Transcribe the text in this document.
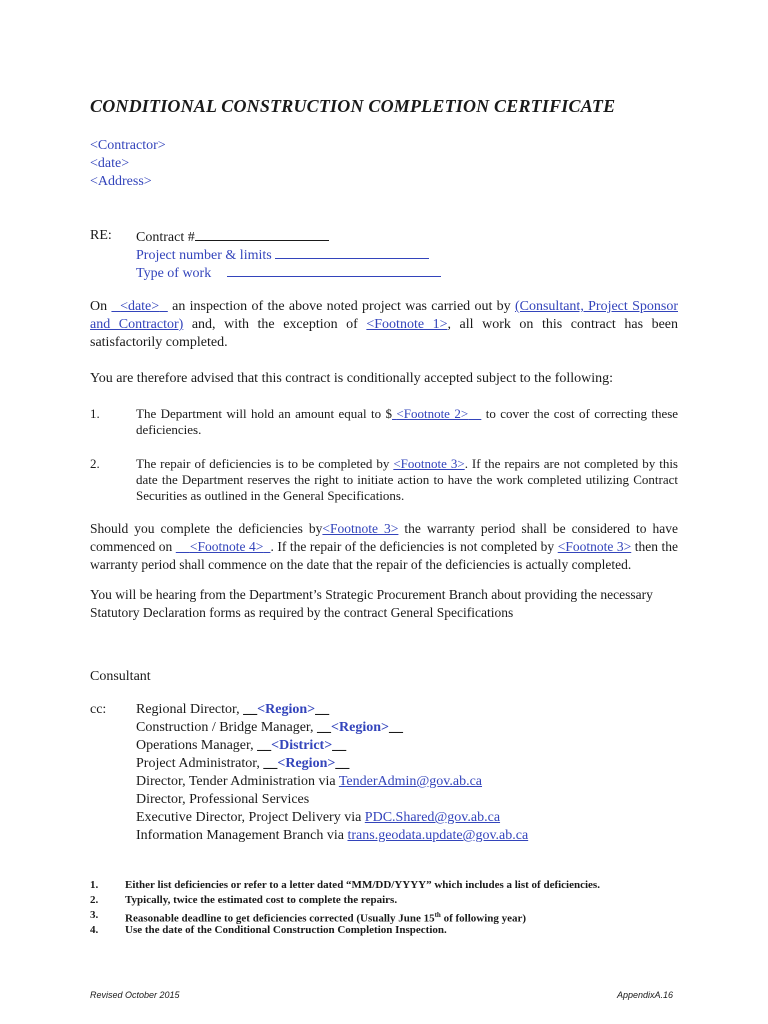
CONDITIONAL CONSTRUCTION COMPLETION CERTIFICATE
<Contractor>
<date>
<Address>
RE: Contract #
Project number & limits
Type of work
On <date> an inspection of the above noted project was carried out by (Consultant, Project Sponsor and Contractor) and, with the exception of <Footnote 1>, all work on this contract has been satisfactorily completed.
You are therefore advised that this contract is conditionally accepted subject to the following:
1.	The Department will hold an amount equal to $ <Footnote 2> to cover the cost of correcting these deficiencies.
2.	The repair of deficiencies is to be completed by <Footnote 3>. If the repairs are not completed by this date the Department reserves the right to initiate action to have the work completed utilizing Contract Securities as outlined in the General Specifications.
Should you complete the deficiencies by<Footnote 3> the warranty period shall be considered to have commenced on <Footnote 4> . If the repair of the deficiencies is not completed by <Footnote 3> then the warranty period shall commence on the date that the repair of the deficiencies is actually completed.
You will be hearing from the Department’s Strategic Procurement Branch about providing the necessary Statutory Declaration forms as required by the contract General Specifications
Consultant
cc: Regional Director, __<Region>__
Construction / Bridge Manager, __<Region>__
Operations Manager, __<District>__
Project Administrator, __<Region>__
Director, Tender Administration via TenderAdmin@gov.ab.ca
Director, Professional Services
Executive Director, Project Delivery via PDC.Shared@gov.ab.ca
Information Management Branch via trans.geodata.update@gov.ab.ca
1. Either list deficiencies or refer to a letter dated “MM/DD/YYYY” which includes a list of deficiencies.
2. Typically, twice the estimated cost to complete the repairs.
3. Reasonable deadline to get deficiencies corrected (Usually June 15th of following year)
4. Use the date of the Conditional Construction Completion Inspection.
Revised October 2015	AppendixA.16
